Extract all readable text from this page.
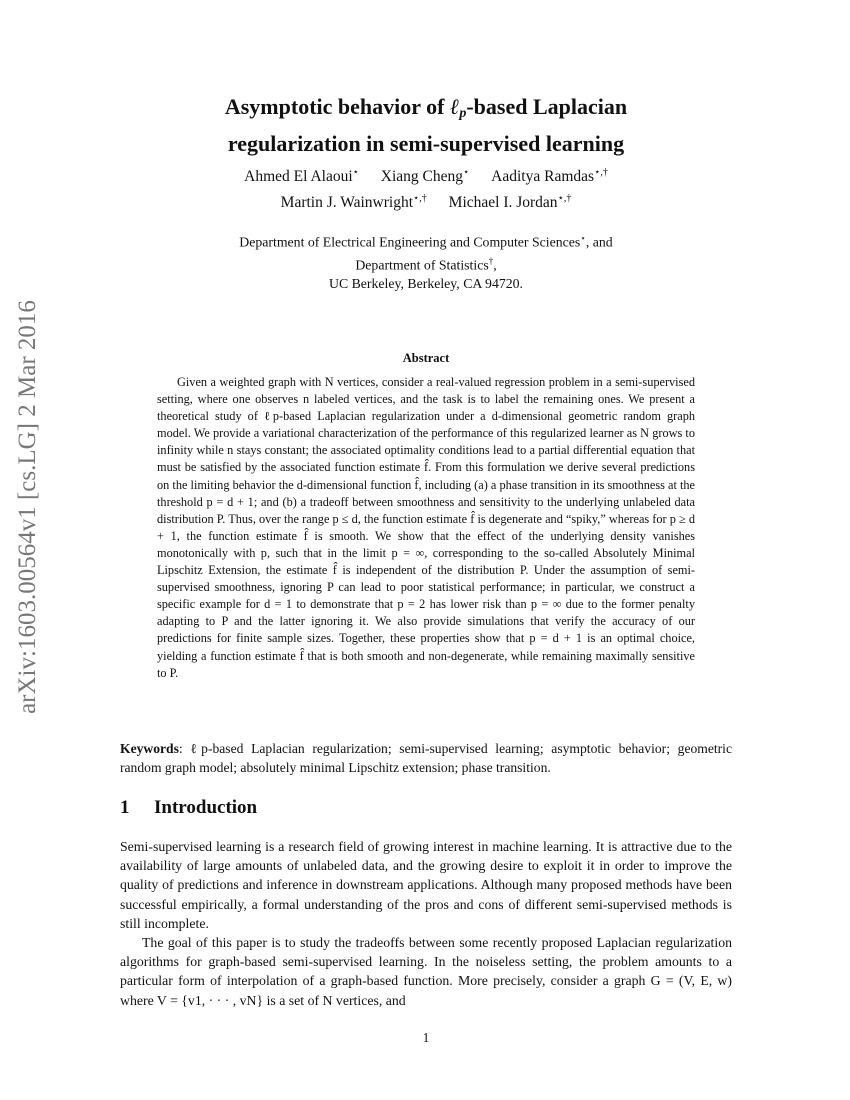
arXiv:1603.00564v1 [cs.LG] 2 Mar 2016
Asymptotic behavior of ℓ$_p$-based Laplacian
regularization in semi-supervised learning
Ahmed El Alaoui⋆ Xiang Cheng⋆ Aaditya Ramdas⋆,†
Martin J. Wainwright⋆,† Michael I. Jordan⋆,†
Department of Electrical Engineering and Computer Sciences⋆, and
Department of Statistics†,
UC Berkeley, Berkeley, CA 94720.
Abstract

Given a weighted graph with N vertices, consider a real-valued regression problem in a semi-supervised setting, where one observes n labeled vertices, and the task is to label the remaining ones. We present a theoretical study of ℓp-based Laplacian regularization under a d-dimensional geometric random graph model. We provide a variational characterization of the performance of this regularized learner as N grows to infinity while n stays constant; the associated optimality conditions lead to a partial differential equation that must be satisfied by the associated function estimate f̂. From this formulation we derive several predictions on the limiting behavior the d-dimensional function f̂, including (a) a phase transition in its smoothness at the threshold p = d + 1; and (b) a tradeoff between smoothness and sensitivity to the underlying unlabeled data distribution P. Thus, over the range p ≤ d, the function estimate f̂ is degenerate and “spiky,” whereas for p ≥ d + 1, the function estimate f̂ is smooth. We show that the effect of the underlying density vanishes monotonically with p, such that in the limit p = ∞, corresponding to the so-called Absolutely Minimal Lipschitz Extension, the estimate f̂ is independent of the distribution P. Under the assumption of semi-supervised smoothness, ignoring P can lead to poor statistical performance; in particular, we construct a specific example for d = 1 to demonstrate that p = 2 has lower risk than p = ∞ due to the former penalty adapting to P and the latter ignoring it. We also provide simulations that verify the accuracy of our predictions for finite sample sizes. Together, these properties show that p = d + 1 is an optimal choice, yielding a function estimate f̂ that is both smooth and non-degenerate, while remaining maximally sensitive to P.

Keywords: ℓp-based Laplacian regularization; semi-supervised learning; asymptotic behavior; geometric random graph model; absolutely minimal Lipschitz extension; phase transition.
1 Introduction

Semi-supervised learning is a research field of growing interest in machine learning. It is attractive due to the availability of large amounts of unlabeled data, and the growing desire to exploit it in order to improve the quality of predictions and inference in downstream applications. Although many proposed methods have been successful empirically, a formal understanding of the pros and cons of different semi-supervised methods is still incomplete.

The goal of this paper is to study the tradeoffs between some recently proposed Laplacian regularization algorithms for graph-based semi-supervised learning. In the noiseless setting, the problem amounts to a particular form of interpolation of a graph-based function. More precisely, consider a graph G = (V, E, w) where V = {v1, · · · , vN} is a set of N vertices, and

1
